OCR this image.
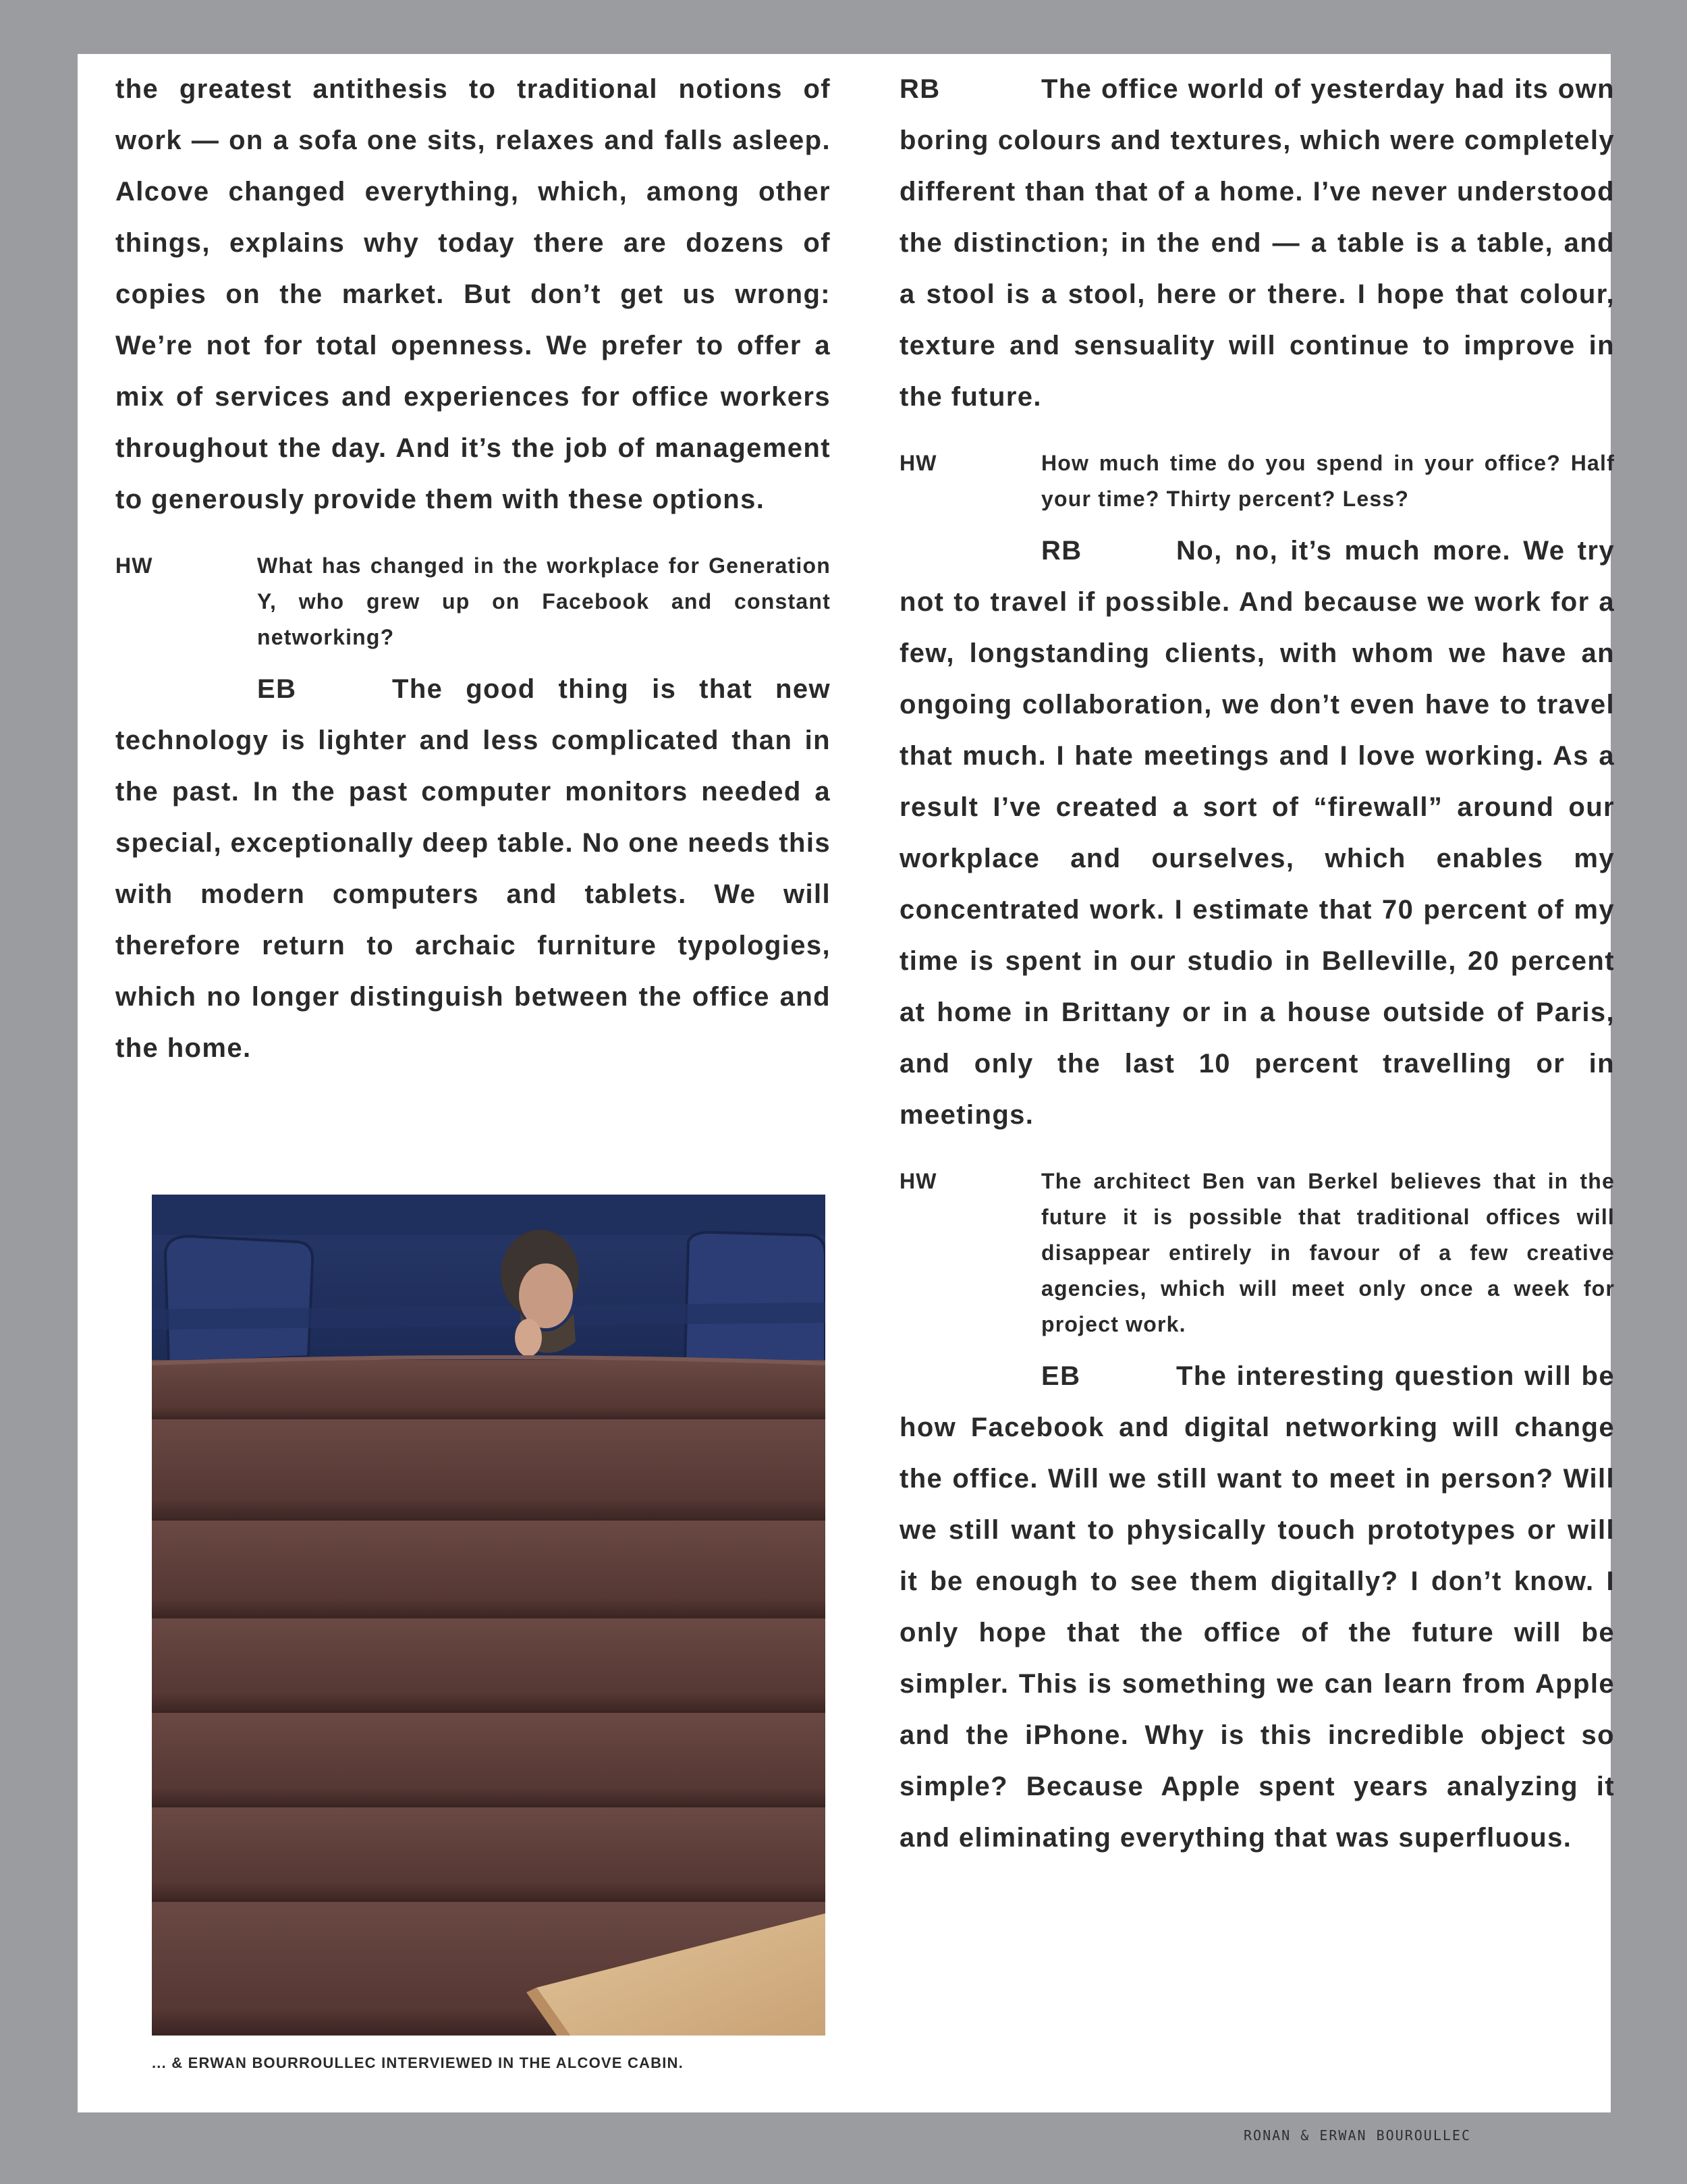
the greatest antithesis to traditional notions of work — on a sofa one sits, relaxes and falls asleep. Alcove changed everything, which, among other things, explains why today there are dozens of copies on the market. But don’t get us wrong: We’re not for total openness. We prefer to offer a mix of services and experiences for office workers throughout the day. And it’s the job of management to generously provide them with these options.

HW	What has changed in the workplace for Generation Y, who grew up on Facebook and constant networking?

EB	The good thing is that new technology is lighter and less complicated than in the past. In the past computer monitors needed a special, exceptionally deep table. No one needs this with modern computers and tablets. We will therefore return to archaic furniture typologies, which no longer distinguish between the office and the home.

... & ERWAN BOURROULLEC INTERVIEWED IN THE ALCOVE CABIN.

RB	The office world of yesterday had its own boring colours and textures, which were completely different than that of a home. I’ve never understood the distinction; in the end — a table is a table, and a stool is a stool, here or there. I hope that colour, texture and sensuality will continue to improve in the future.

HW	How much time do you spend in your office? Half your time? Thirty percent? Less?

RB	No, no, it’s much more. We try not to travel if possible. And because we work for a few, longstanding clients, with whom we have an ongoing collaboration, we don’t even have to travel that much. I hate meetings and I love working. As a result I’ve created a sort of “firewall” around our workplace and ourselves, which enables my concentrated work. I estimate that 70 percent of my time is spent in our studio in Belleville, 20 percent at home in Brittany or in a house outside of Paris, and only the last 10 percent travelling or in meetings.

HW	The architect Ben van Berkel believes that in the future it is possible that traditional offices will disappear entirely in favour of a few creative agencies, which will meet only once a week for project work.

EB	The interesting question will be how Facebook and digital networking will change the office. Will we still want to meet in person? Will we still want to physically touch prototypes or will it be enough to see them digitally? I don’t know. I only hope that the office of the future will be simpler. This is something we can learn from Apple and the iPhone. Why is this incredible object so simple? Because Apple spent years analyzing it and eliminating everything that was superfluous.

RONAN & ERWAN BOUROULLEC
